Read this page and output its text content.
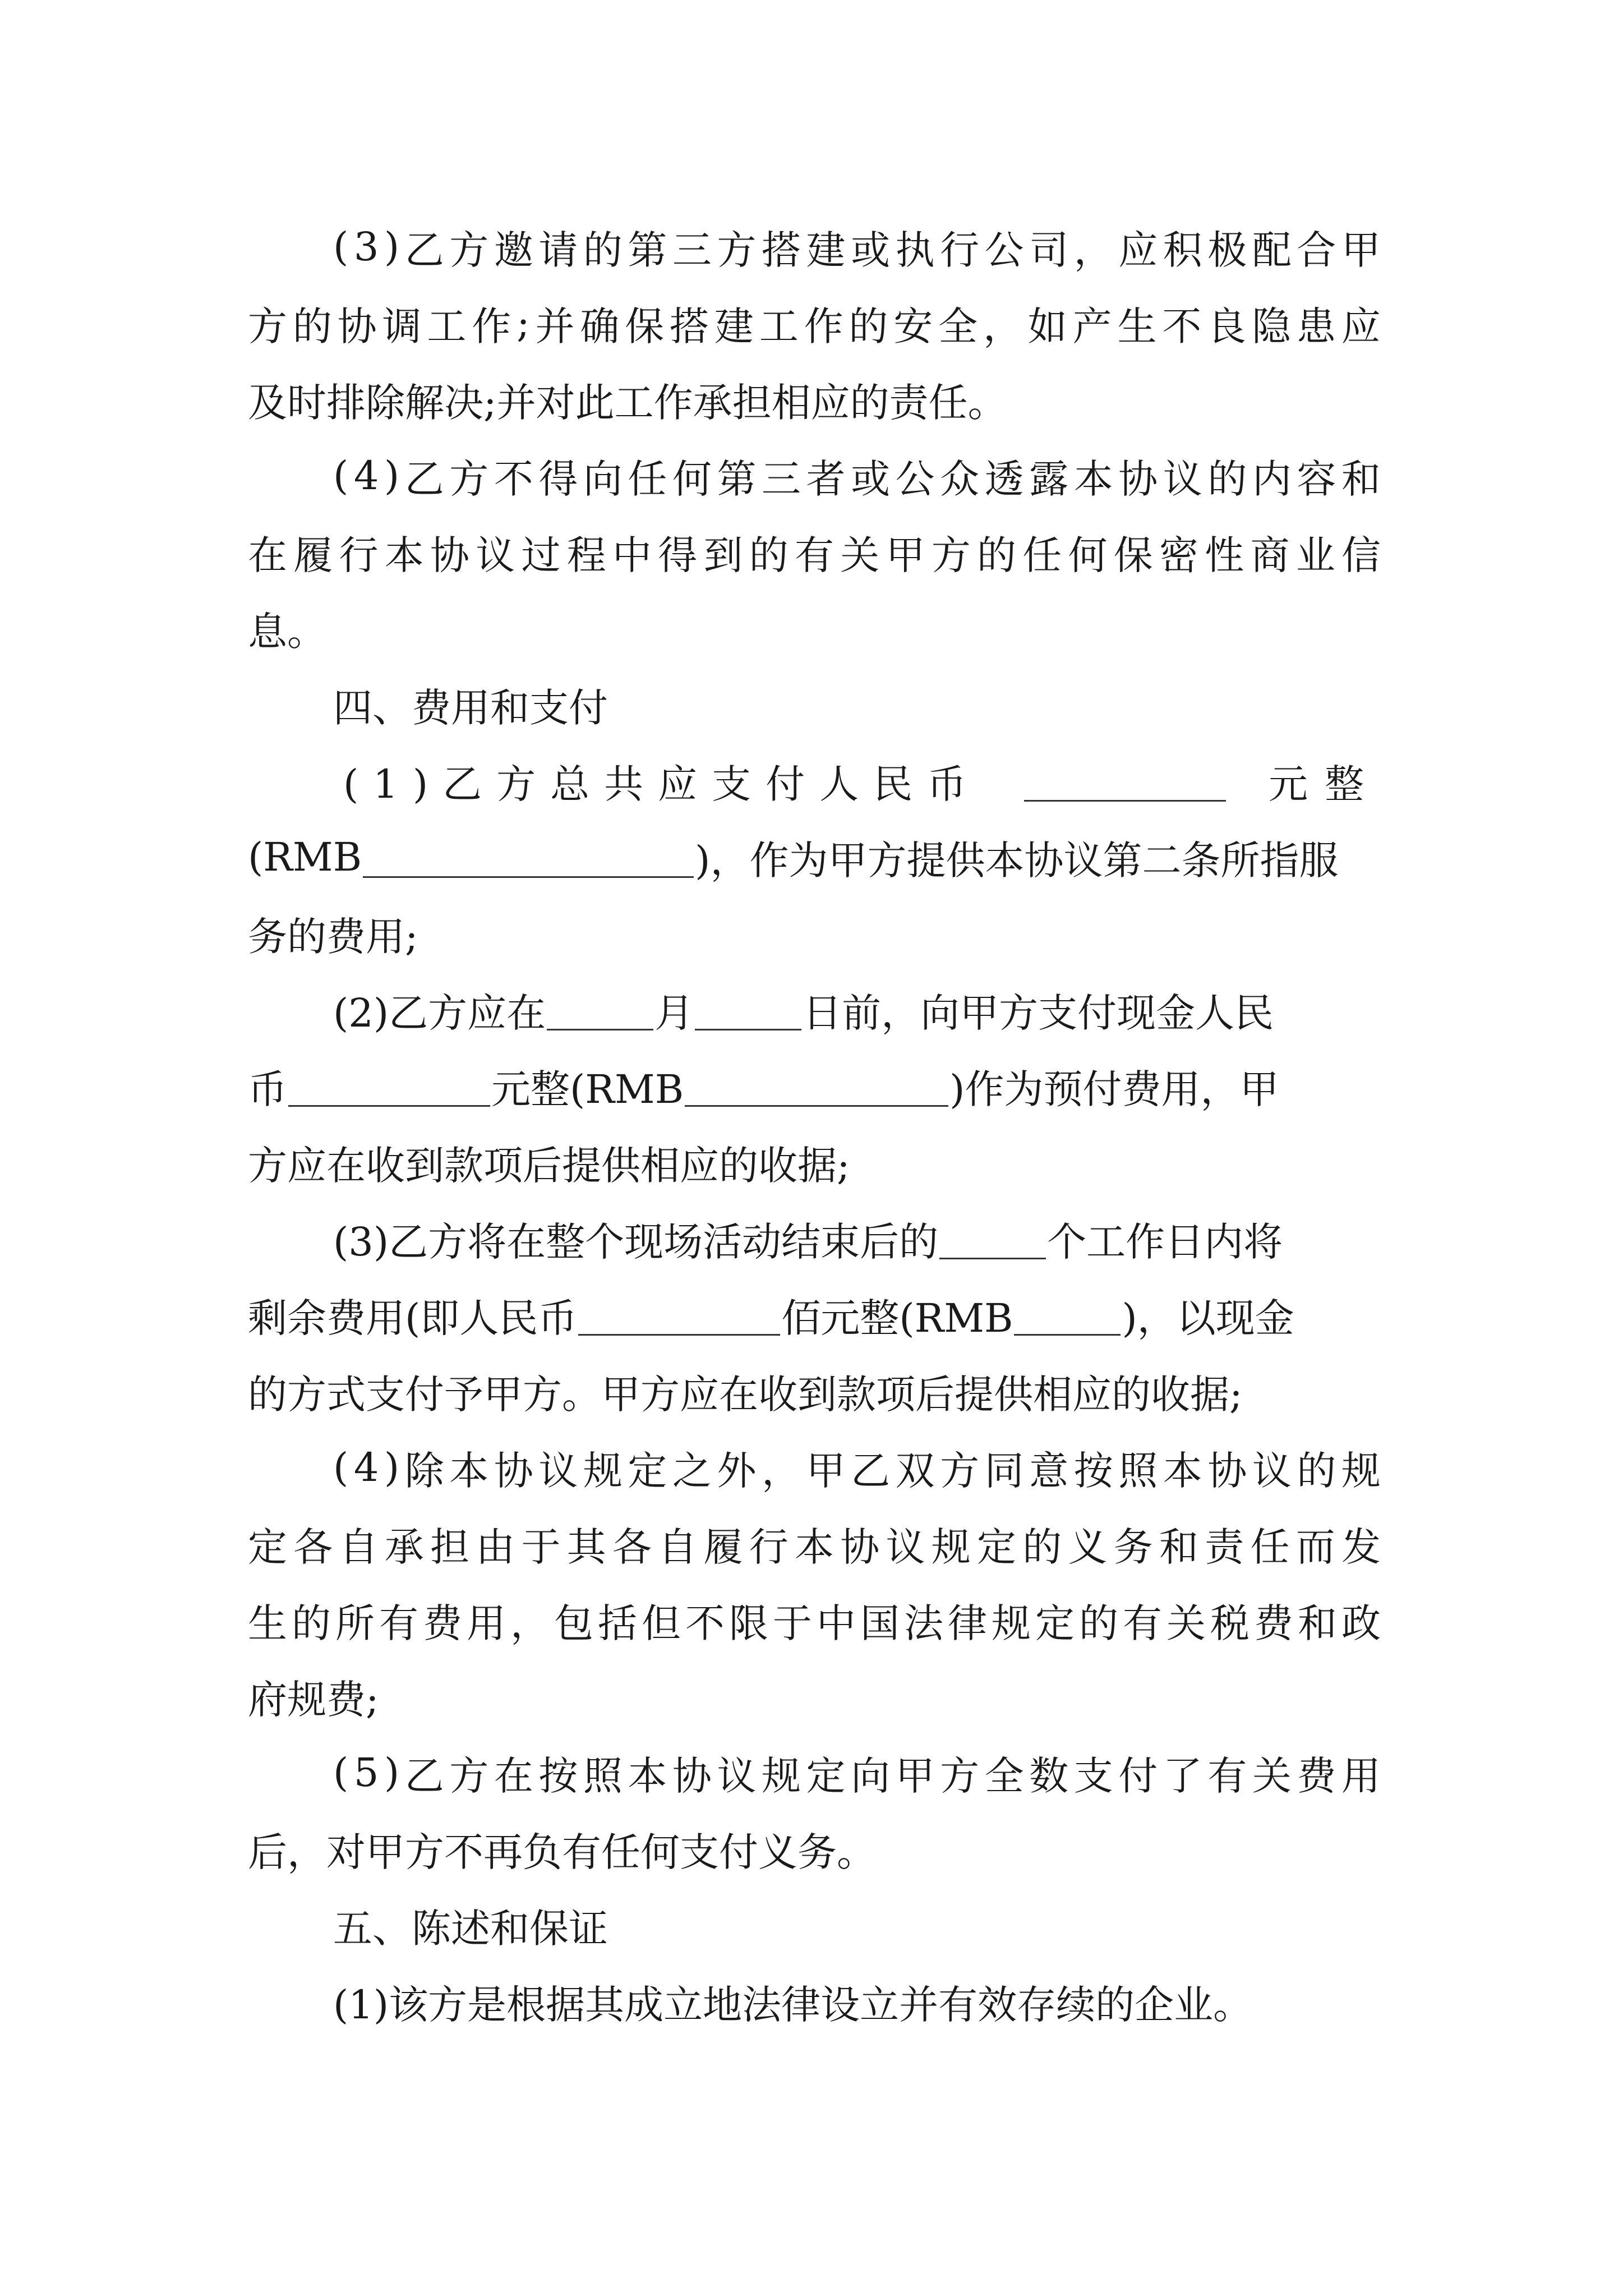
( 3 ) 乙 方 邀 请 的 第 三 方 搭 建 或 执 行 公 司 ， 应 积 极 配 合 甲
方 的 协 调 工 作 ; 并 确 保 搭 建 工 作 的 安 全 ， 如 产 生 不 良 隐 患 应
及时排除解决;并对此工作承担相应的责任。
( 4 ) 乙 方 不 得 向 任 何 第 三 者 或 公 众 透 露 本 协 议 的 内 容 和
在 履 行 本 协 议 过 程 中 得 到 的 有 关 甲 方 的 任 何 保 密 性 商 业 信
息。
四、费用和支付
(1)乙方总共应支付人民币	元整
(RMB	)，作为甲方提供本协议第二条所指服
务的费用;
(2)乙方应在	月	日前，向甲方支付现金人民
币	元整(RMB	)作为预付费用，甲
方应在收到款项后提供相应的收据;
(3)乙方将在整个现场活动结束后的	个工作日内将
剩余费用(即人民币	佰元整(RMB	)，以现金
的方式支付予甲方。甲方应在收到款项后提供相应的收据;
( 4 ) 除 本 协 议 规 定 之 外 ， 甲 乙 双 方 同 意 按 照 本 协 议 的 规
定 各 自 承 担 由 于 其 各 自 履 行 本 协 议 规 定 的 义 务 和 责 任 而 发
生 的 所 有 费 用 ， 包 括 但 不 限 于 中 国 法 律 规 定 的 有 关 税 费 和 政
府规费;
( 5 ) 乙 方 在 按 照 本 协 议 规 定 向 甲 方 全 数 支 付 了 有 关 费 用
后，对甲方不再负有任何支付义务。
五、陈述和保证
(1)该方是根据其成立地法律设立并有效存续的企业。
